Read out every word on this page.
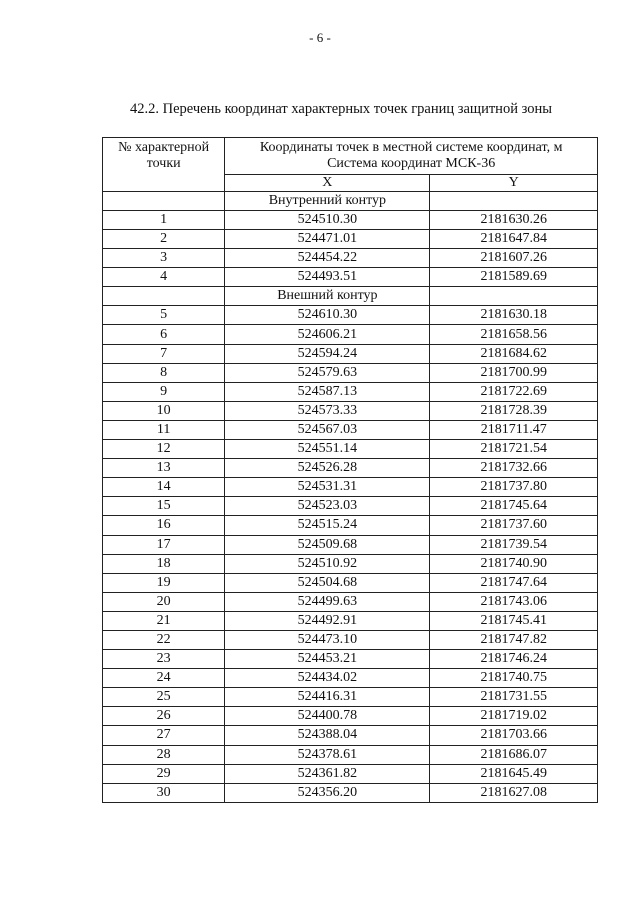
- 6 -
42.2. Перечень координат характерных точек границ защитной зоны
№ характерной точки	Координаты точек в местной системе координат, м
Система координат МСК-36	

	X	Y
	Внутренний контур	
1	524510.30	2181630.26
2	524471.01	2181647.84
3	524454.22	2181607.26
4	524493.51	2181589.69
	Внешний контур	
5	524610.30	2181630.18
6	524606.21	2181658.56
7	524594.24	2181684.62
8	524579.63	2181700.99
9	524587.13	2181722.69
10	524573.33	2181728.39
11	524567.03	2181711.47
12	524551.14	2181721.54
13	524526.28	2181732.66
14	524531.31	2181737.80
15	524523.03	2181745.64
16	524515.24	2181737.60
17	524509.68	2181739.54
18	524510.92	2181740.90
19	524504.68	2181747.64
20	524499.63	2181743.06
21	524492.91	2181745.41
22	524473.10	2181747.82
23	524453.21	2181746.24
24	524434.02	2181740.75
25	524416.31	2181731.55
26	524400.78	2181719.02
27	524388.04	2181703.66
28	524378.61	2181686.07
29	524361.82	2181645.49
30	524356.20	2181627.08
